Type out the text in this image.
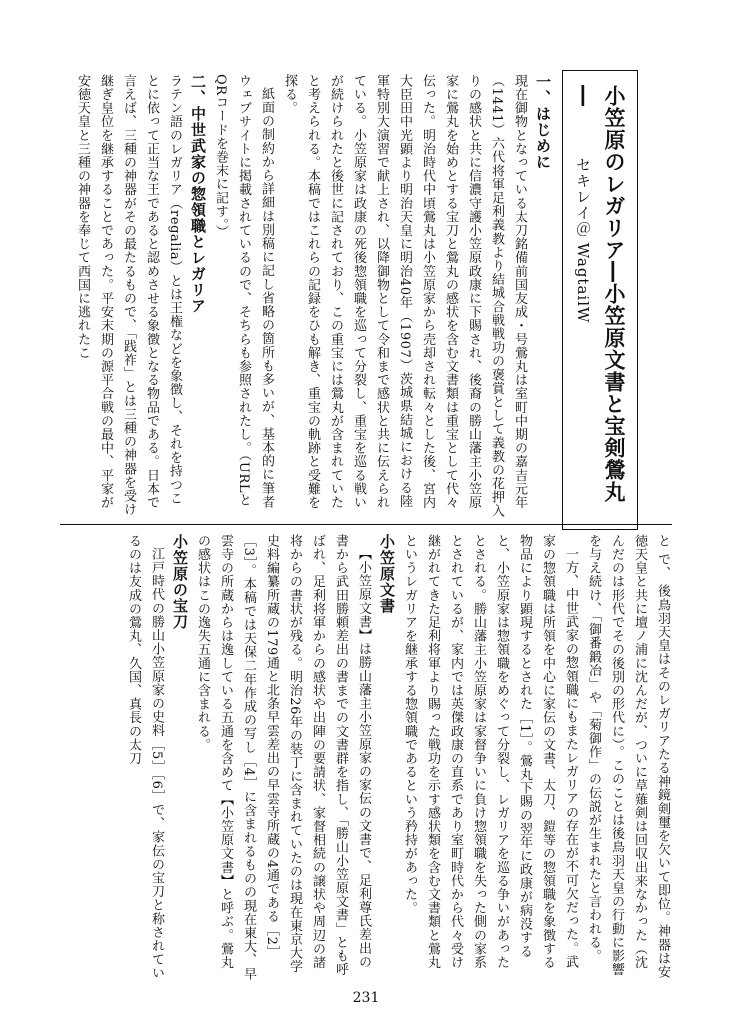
小笠原のレガリア―小笠原文書と宝剣鶯丸―
セキレイ＠ WagtailW
一、はじめに

現在御物となっている太刀銘備前国友成・号鶯丸は室町中期の嘉吉元年（1441）六代将軍足利義教より結城合戦戦功の褒賞として義教の花押入りの感状と共に信濃守護小笠原政康に下賜され、後裔の勝山藩主小笠原家に鶯丸を始めとする宝刀と鶯丸の感状を含む文書類は重宝として代々伝った。明治時代中頃鶯丸は小笠原家から売却され転々とした後、宮内大臣田中光顕より明治天皇に明治40年（1907）茨城県結城における陸軍特別大演習で献上され、以降御物として令和まで感状と共に伝えられている。小笠原家は政康の死後惣領職を巡って分裂し、重宝を巡る戦いが続けられたと後世に記されており、この重宝には鶯丸が含まれていたと考えられる。本稿ではこれらの記録をひも解き、重宝の軌跡と受難を探る。

紙面の制約から詳細は別稿に記し省略の箇所も多いが、基本的に筆者ウェブサイトに掲載されているので、そちらも参照されたし。（URLとQRコードを巻末に記す。）

二、中世武家の惣領職とレガリア

ラテン語のレガリア（regalia）とは王権などを象徴し、それを持つことに依って正当な王であると認めさせる象徴となる物品である。日本で言えば、三種の神器がその最たるもので、「践祚」とは三種の神器を受け継ぎ皇位を継承することであった。平安末期の源平合戦の最中、平家が安徳天皇と三種の神器を奉じて西国に逃れたこ

と で、 後鳥羽天皇はそのレガリアたる神鏡剣璽を欠いて即位。神器は安徳天皇と共に壇ノ浦に沈んだが、ついに草薙剣は回収出来なかった（沈んだのは形代でその後別の形代に）。このことは後鳥羽天皇の行動に影響を与え続け、「御番鍛冶」や「菊御作」の伝説が生まれたと言われる。

一方、中世武家の惣領職にもまたレガリアの存在が不可欠だった。武家の惣領職は所領を中心に家伝の文書、太刀、鎧等の惣領職を象徴する物品により顕現するとされた［1］。鶯丸下賜の翌年に政康が病没すると、小笠原家は惣領職をめぐって分裂し、レガリアを巡る争いがあったとされる。勝山藩主小笠原家は家督争いに負け惣領職を失った側の家系とされているが、家内では英傑政康の直系であり室町時代から代々受け継がれてきた足利将軍より賜った戦功を示す感状類を含む文書類と鶯丸というレガリアを継承する惣領職であるという矜持があった。

小笠原文書

【小笠原文書】は勝山藩主小笠原家の家伝の文書で、足利尊氏差出の書から武田勝頼差出の書までの文書群を指し、「勝山小笠原文書」とも呼ばれ、足利将軍からの感状や出陣の要請状、家督相続の譲状や周辺の諸将からの書状が残る。明治26年の装丁に含まれていたのは現在東京大学史料編纂所蔵の179通と北条早雲差出の早雲寺所蔵の4通である［2］［3］。本稿では天保二年作成の写し［4］に含まれるものの現在東大、早雲寺の所蔵からは逸している五通を含めて【小笠原文書】と呼ぶ。鶯丸の感状はこの逸失五通に含まれる。

小笠原の宝刀

江戸時代の勝山小笠原家の史料［5］［6］で、家伝の宝刀と称されているのは友成の鶯丸、久国、真長の太刀

231
